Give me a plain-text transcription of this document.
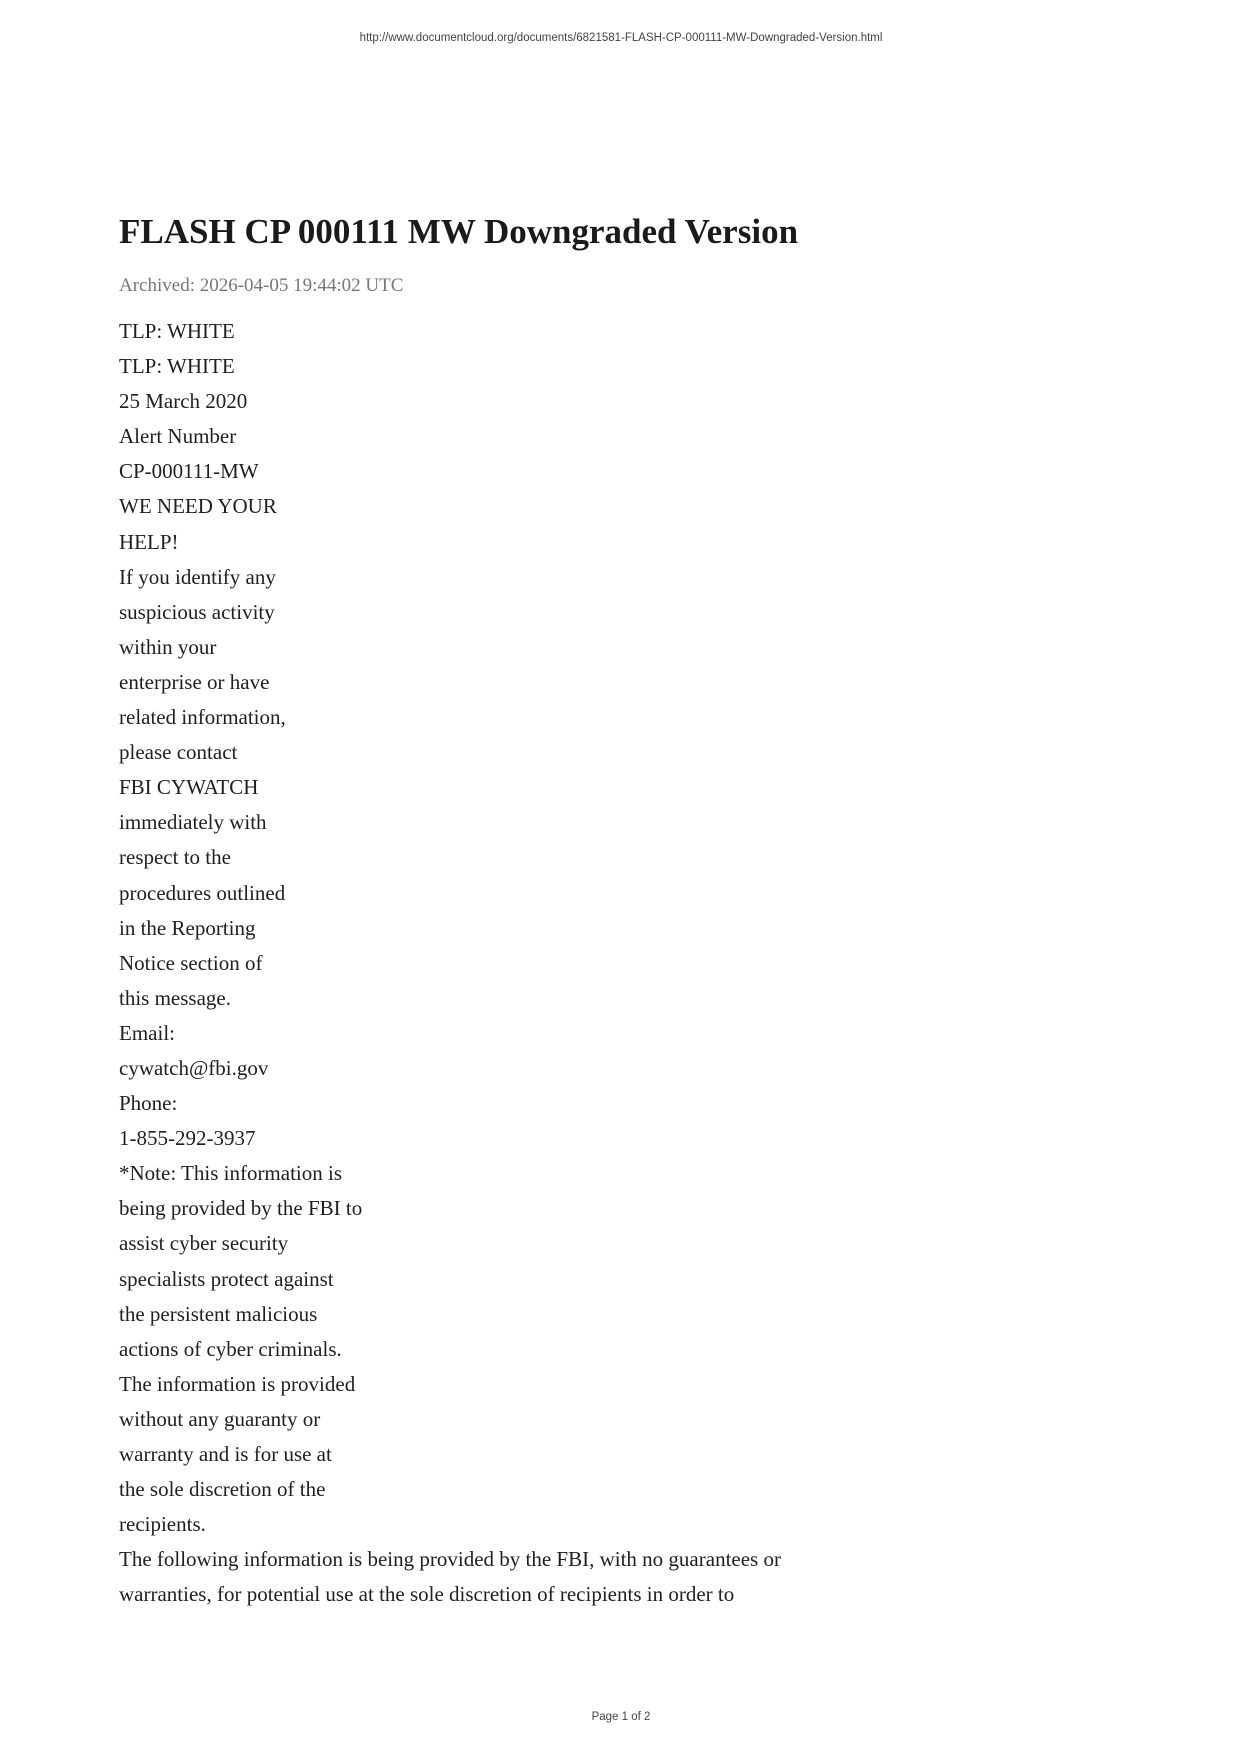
http://www.documentcloud.org/documents/6821581-FLASH-CP-000111-MW-Downgraded-Version.html
FLASH CP 000111 MW Downgraded Version
Archived: 2026-04-05 19:44:02 UTC
TLP: WHITE
TLP: WHITE
25 March 2020
Alert Number
CP-000111-MW
WE NEED YOUR
HELP!
If you identify any
suspicious activity
within your
enterprise or have
related information,
please contact
FBI CYWATCH
immediately with
respect to the
procedures outlined
in the Reporting
Notice section of
this message.
Email:
cywatch@fbi.gov
Phone:
1-855-292-3937
*Note: This information is
being provided by the FBI to
assist cyber security
specialists protect against
the persistent malicious
actions of cyber criminals.
The information is provided
without any guaranty or
warranty and is for use at
the sole discretion of the
recipients.
The following information is being provided by the FBI, with no guarantees or
warranties, for potential use at the sole discretion of recipients in order to
Page 1 of 2
